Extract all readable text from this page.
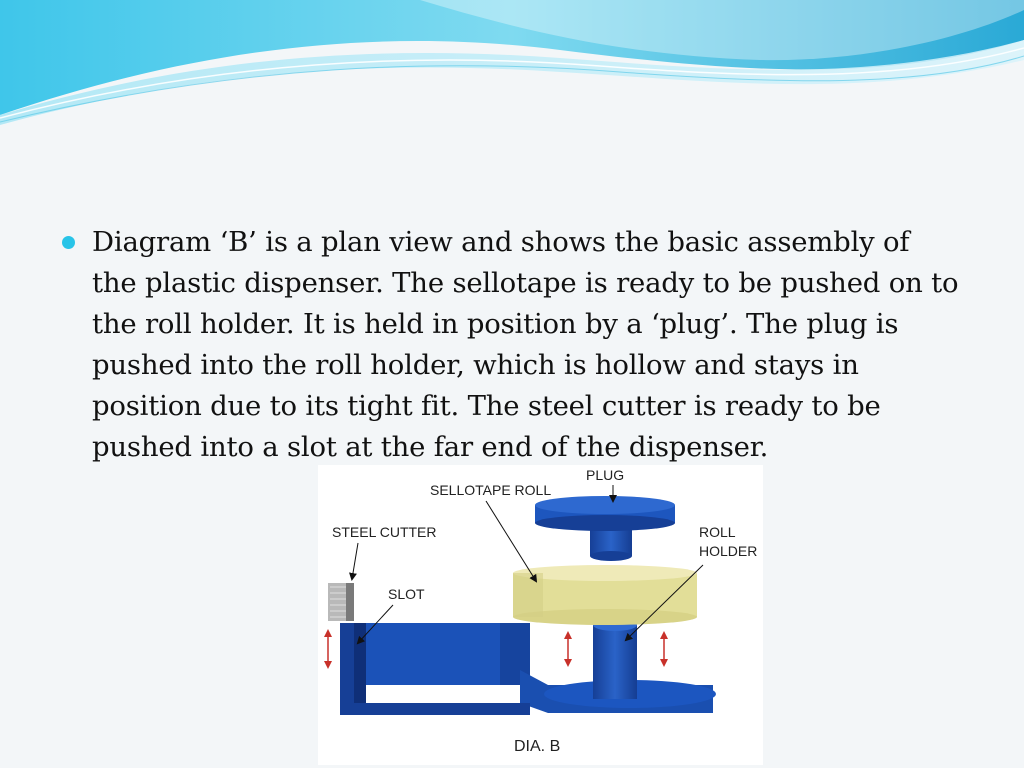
Diagram ‘B’ is a plan view and shows the basic assembly of the plastic dispenser. The sellotape is ready to be pushed on to the roll holder. It is held in position by a ‘plug’. The plug is pushed into the roll holder, which is hollow and stays in position due to its tight fit. The steel cutter is ready to be pushed into a slot at the far end of the dispenser.

PLUG
SELLOTAPE ROLL
STEEL CUTTER	ROLL
HOLDER
SLOT
DIA. B
